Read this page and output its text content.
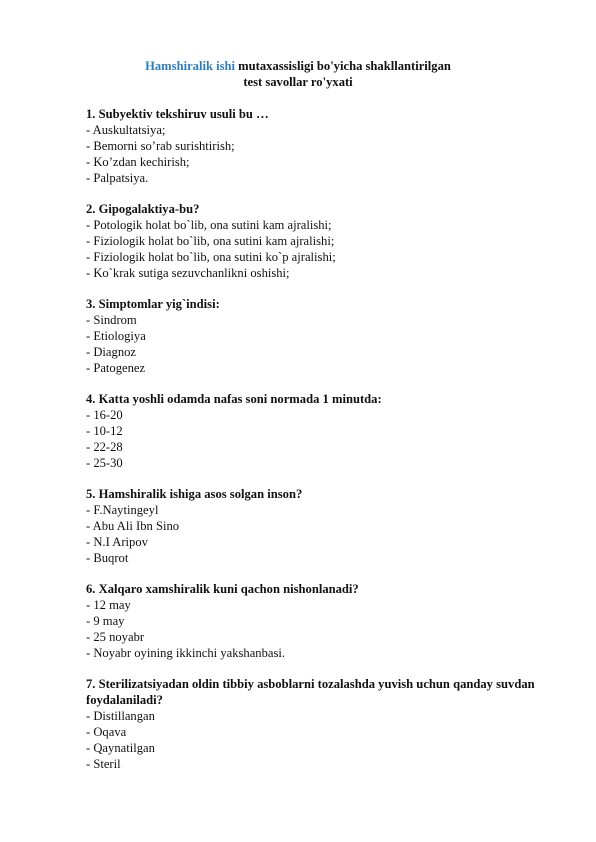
Hamshiralik ishi mutaxassisligi bo'yicha shakllantirilgan
test savollar ro'yxati

1. Subyektiv tekshiruv usuli bu …

- Auskultatsiya;

- Bemorni so’rab surishtirish;

- Ko’zdan kechirish;

- Palpatsiya.

2. Gipogalaktiya-bu?

- Potologik holat bo`lib, ona sutini kam ajralishi;

- Fiziologik holat bo`lib, ona sutini kam ajralishi;

- Fiziologik holat bo`lib, ona sutini ko`p ajralishi;

- Ko`krak sutiga sezuvchanlikni oshishi;

3. Simptomlar yig`indisi:

- Sindrom

- Etiologiya

- Diagnoz

- Patogenez

4. Katta yoshli odamda nafas soni normada 1 minutda:

- 16-20

- 10-12

- 22-28

- 25-30

5. Hamshiralik ishiga asos solgan inson?

- F.Naytingeyl

- Abu Ali Ibn Sino

- N.I Aripov

- Buqrot

6. Xalqaro xamshiralik kuni qachon nishonlanadi?

- 12 may

- 9 may

- 25 noyabr

- Noyabr oyining ikkinchi yakshanbasi.

7. Sterilizatsiyadan oldin tibbiy asboblarni tozalashda yuvish uchun qanday suvdan foydalaniladi?

- Distillangan

- Oqava

- Qaynatilgan

- Steril
